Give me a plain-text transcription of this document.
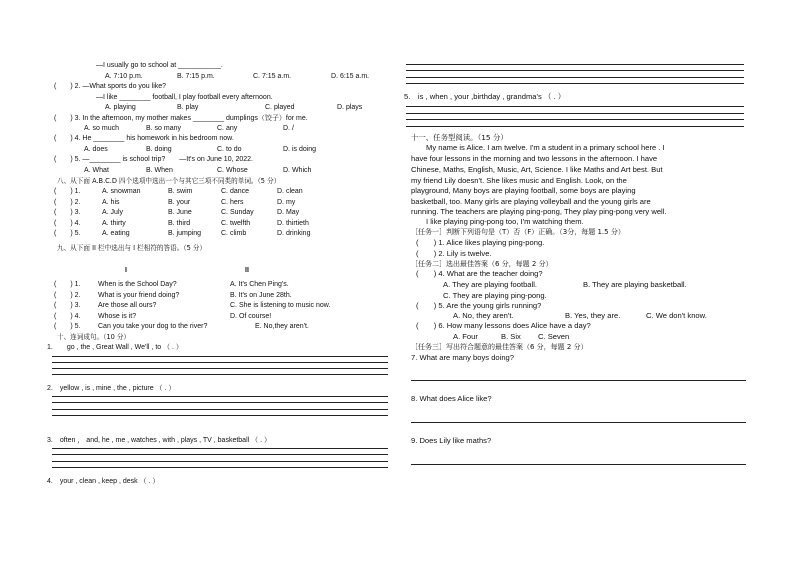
—I usually go to school at ___________.
A. 7:10 p.m.	B. 7:15 p.m.	C. 7:15 a.m.	D. 6:15 a.m.
(　　) 2. —What sports do you like?
—I like ________ football, I play football every afternoon.
A. playing	B. play	C. played	D. plays
(　　) 3. In the afternoon, my mother makes ________ dumplings（饺子）for me.
A. so much	B. so many	C. any	D. /
(　　) 4. He ________ his homework in his bedroom now.
A. does	B. doing	C. to do	D. is doing
(　　) 5. —________ is school trip?　　—It's on June 10, 2022.
A. What	B. When	C. Whose	D. Which
八、从下面 A.B.C.D 四个选项中选出一个与其它三项不同类的单词。（5 分）
(　　) 1.	A. snowman	B. swim	C. dance	D. clean
(　　) 2.	A. his	B. your	C. hers	D. my
(　　) 3.	A. July	B. June	C. Sunday	D. May
(　　) 4.	A. thirty	B. third	C. twelfth	D. thirtieth
(　　) 5.	A. eating	B. jumping	C. climb	D. drinking
九、从下面 II 栏中选出与 I 栏相符的答语。（5 分）
I	II
(　　) 1.	When is the School Day?	A. It's Chen Ping's.
(　　) 2.	What is your friend doing?	B. It's on June 28th.
(　　) 3.	Are those all ours?	C. She is listening to music now.
(　　) 4.	Whose is it?	D. Of course!
(　　) 5.	Can you take your dog to the river?	E. No,they aren't.
十、连词成句。（10 分）
1.　　go , the , Great Wall , We'll , to （ . ）
2.　yellow , is , mine , the , picture （ . ）
3.　often ， and, he , me , watches , with , plays , TV , basketball （ . ）
4.　your , clean , keep , desk （ . ）
5.　is , when , your ,birthday , grandma's （ . ）
十一、任务型阅读。（15 分）
My name is Alice. I am twelve. I'm a student in a primary school here . I
have four lessons in the morning and two lessons in the afternoon. I have
Chinese, Maths, English, Music, Art, Science. I like Maths and Art best. But
my friend Lily doesn't. She likes music and English. Look, on the
playground, Many boys are playing football, some boys are playing
basketball, too. Many girls are playing volleyball and the young girls are
running. The teachers are playing ping-pong, They play ping-pong very well.
I like playing ping-pong too, I'm watching them.
［任务一］判断下列语句是（T）否（F）正确。（3分，每题 1.5 分）
(　　) 1. Alice likes playing ping-pong.
(　　) 2. Lily is twelve.
［任务二］选出最佳答案（6 分，每题 2 分）
(　　) 4. What are the teacher doing?
A. They are playing football.	B. They are playing basketball.
C. They are playing ping-pong.
(　　) 5. Are the young girls running?
A. No, they aren't.	B. Yes, they are.	C. We don't know.
(　　) 6. How many lessons does Alice have a day?
A. Four	B. Six C. Seven
［任务三］写出符合题意的最佳答案（6 分，每题 2 分）
7. What are many boys doing?
8. What does Alice like?
9. Does Lily like maths?
